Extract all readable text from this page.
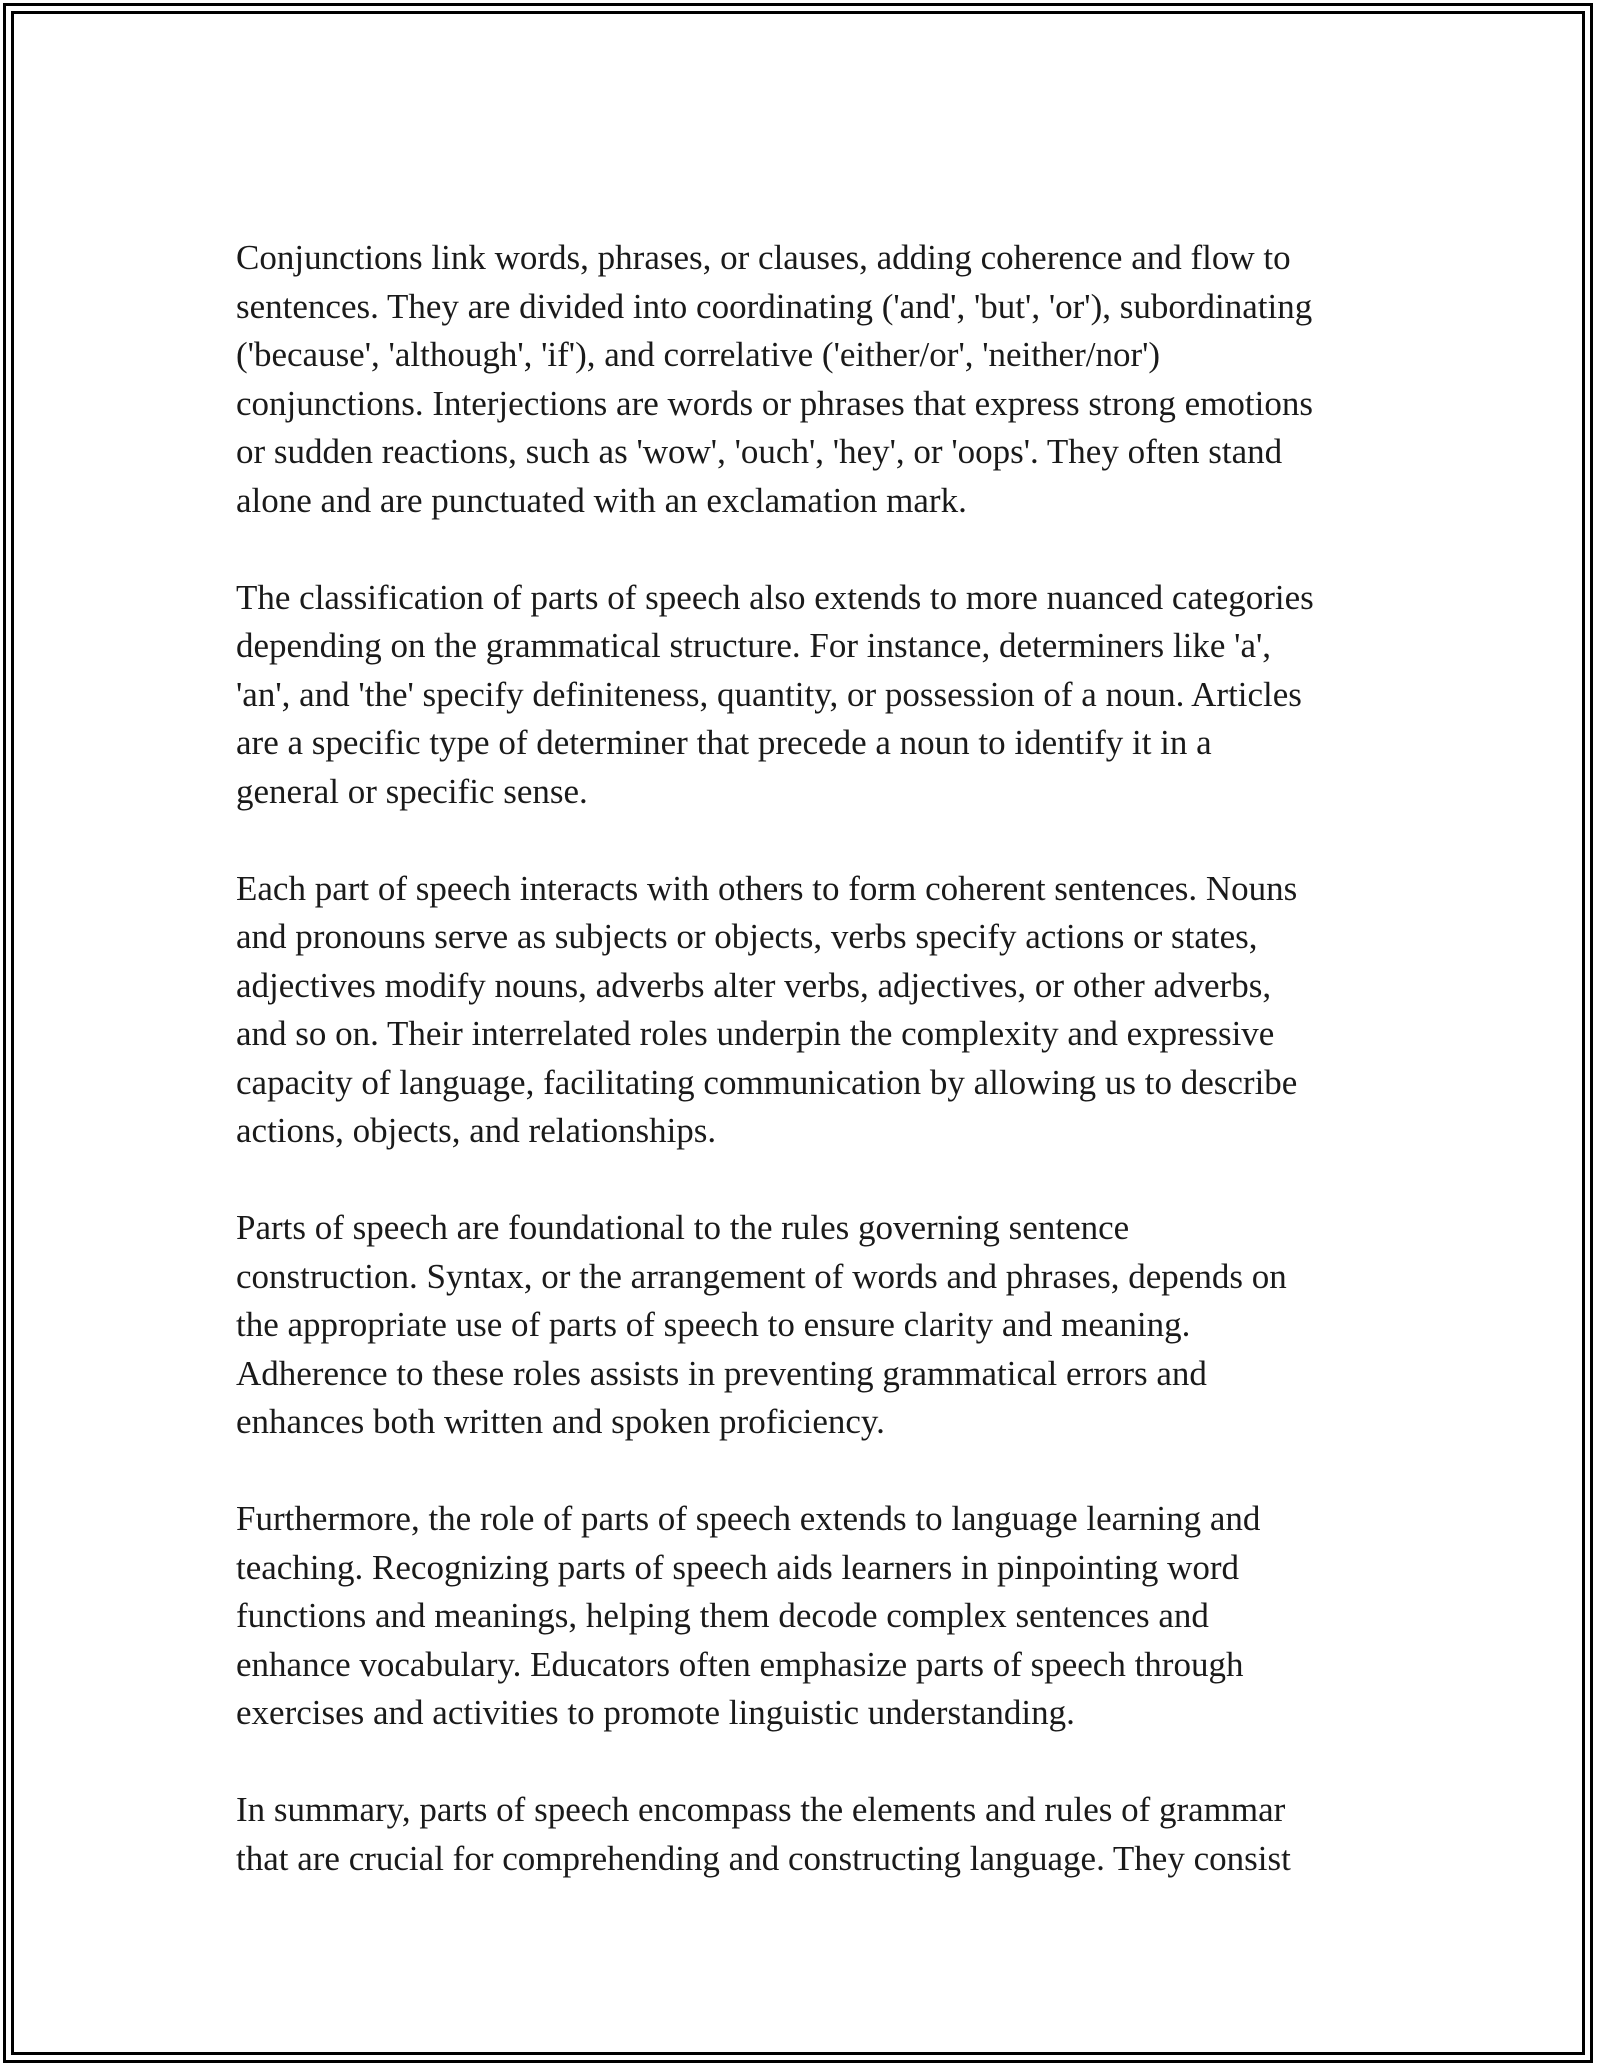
Conjunctions link words, phrases, or clauses, adding coherence and flow to
sentences. They are divided into coordinating ('and', 'but', 'or'), subordinating
('because', 'although', 'if'), and correlative ('either/or', 'neither/nor')
conjunctions. Interjections are words or phrases that express strong emotions
or sudden reactions, such as 'wow', 'ouch', 'hey', or 'oops'. They often stand
alone and are punctuated with an exclamation mark.

The classification of parts of speech also extends to more nuanced categories
depending on the grammatical structure. For instance, determiners like 'a',
'an', and 'the' specify definiteness, quantity, or possession of a noun. Articles
are a specific type of determiner that precede a noun to identify it in a
general or specific sense.

Each part of speech interacts with others to form coherent sentences. Nouns
and pronouns serve as subjects or objects, verbs specify actions or states,
adjectives modify nouns, adverbs alter verbs, adjectives, or other adverbs,
and so on. Their interrelated roles underpin the complexity and expressive
capacity of language, facilitating communication by allowing us to describe
actions, objects, and relationships.

Parts of speech are foundational to the rules governing sentence
construction. Syntax, or the arrangement of words and phrases, depends on
the appropriate use of parts of speech to ensure clarity and meaning.
Adherence to these roles assists in preventing grammatical errors and
enhances both written and spoken proficiency.

Furthermore, the role of parts of speech extends to language learning and
teaching. Recognizing parts of speech aids learners in pinpointing word
functions and meanings, helping them decode complex sentences and
enhance vocabulary. Educators often emphasize parts of speech through
exercises and activities to promote linguistic understanding.

In summary, parts of speech encompass the elements and rules of grammar
that are crucial for comprehending and constructing language. They consist
